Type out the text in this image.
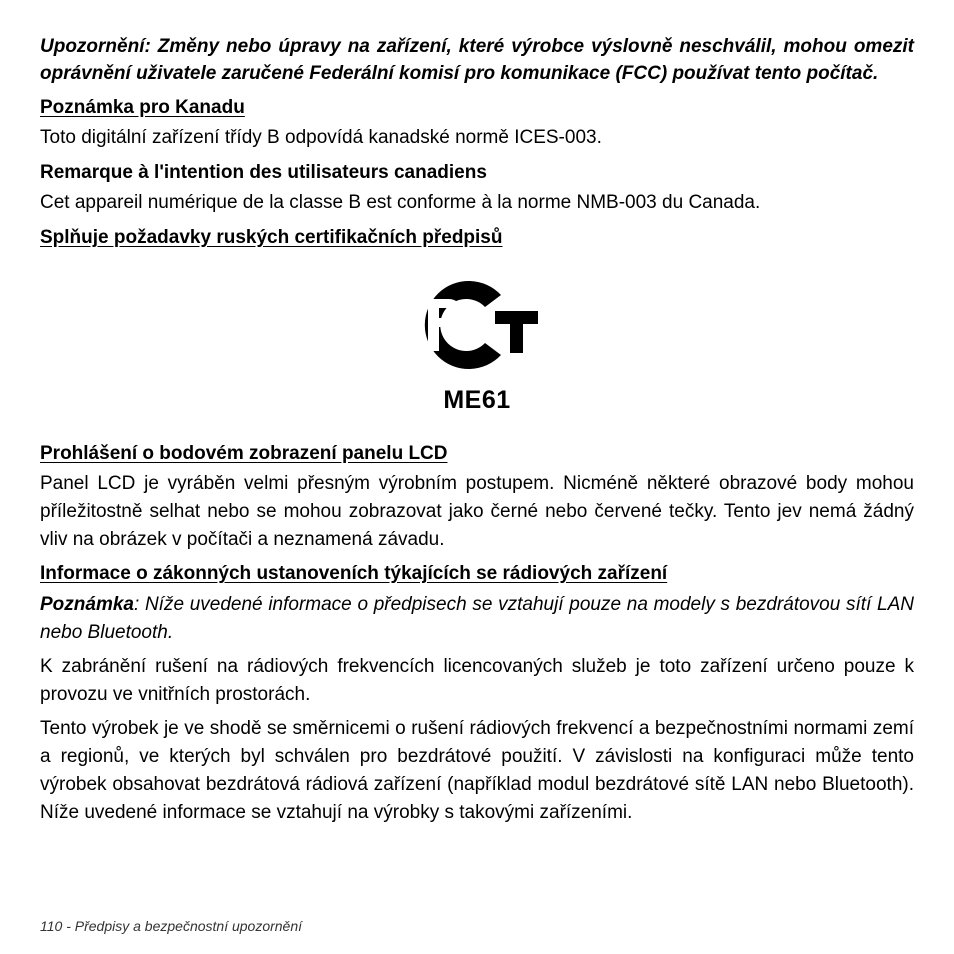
Upozornění: Změny nebo úpravy na zařízení, které výrobce výslovně neschválil, mohou omezit oprávnění uživatele zaručené Federální komisí pro komunikace (FCC) používat tento počítač.

Poznámka pro Kanadu

Toto digitální zařízení třídy B odpovídá kanadské normě ICES-003.

Remarque à l'intention des utilisateurs canadiens

Cet appareil numérique de la classe B est conforme à la norme NMB-003 du Canada.

Splňuje požadavky ruských certifikačních předpisů

ME61

Prohlášení o bodovém zobrazení panelu LCD

Panel LCD je vyráběn velmi přesným výrobním postupem. Nicméně některé obrazové body mohou příležitostně selhat nebo se mohou zobrazovat jako černé nebo červené tečky. Tento jev nemá žádný vliv na obrázek v počítači a neznamená závadu.

Informace o zákonných ustanoveních týkajících se rádiových zařízení

Poznámka: Níže uvedené informace o předpisech se vztahují pouze na modely s bezdrátovou sítí LAN nebo Bluetooth.

K zabránění rušení na rádiových frekvencích licencovaných služeb je toto zařízení určeno pouze k provozu ve vnitřních prostorách.

Tento výrobek je ve shodě se směrnicemi o rušení rádiových frekvencí a bezpečnostními normami zemí a regionů, ve kterých byl schválen pro bezdrátové použití. V závislosti na konfiguraci může tento výrobek obsahovat bezdrátová rádiová zařízení (například modul bezdrátové sítě LAN nebo Bluetooth). Níže uvedené informace se vztahují na výrobky s takovými zařízeními.

110 - Předpisy a bezpečnostní upozornění
